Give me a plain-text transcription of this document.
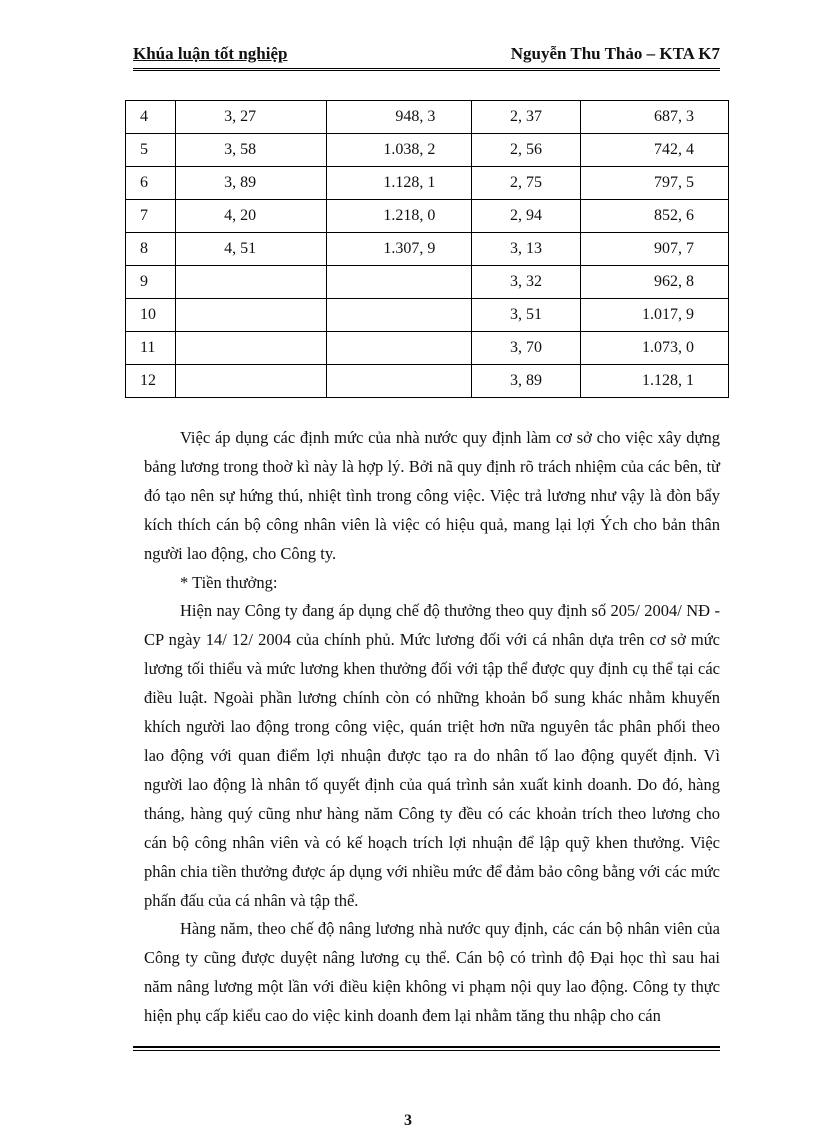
Khúa luận tốt nghiệp	Nguyễn Thu Thảo – KTA K7
4	3, 27	948, 3	2, 37	687, 3
5	3, 58	1.038, 2	2, 56	742, 4
6	3, 89	1.128, 1	2, 75	797, 5
7	4, 20	1.218, 0	2, 94	852, 6
8	4, 51	1.307, 9	3, 13	907, 7
9			3, 32	962, 8
10			3, 51	1.017, 9
11			3, 70	1.073, 0
12			3, 89	1.128, 1

Việc áp dụng các định mức của nhà nước quy định làm cơ sở cho việc xây dựng bảng lương trong thoờ kì này là hợp lý. Bởi nã quy định rõ trách nhiệm của các bên, từ đó tạo nên sự hứng thú, nhiệt tình trong công việc. Việc trả lương như vậy là đòn bẩy kích thích cán bộ công nhân viên là việc có hiệu quả, mang lại lợi Ých cho bản thân người lao động, cho Công ty.

* Tiền thưởng:

Hiện nay Công ty đang áp dụng chế độ thưởng theo quy định số 205/ 2004/ NĐ - CP ngày 14/ 12/ 2004 của chính phủ. Mức lương đối với cá nhân dựa trên cơ sở mức lương tối thiểu và mức lương khen thưởng đối với tập thể được quy định cụ thể tại các điều luật. Ngoài phần lương chính còn có những khoản bổ sung khác nhằm khuyến khích người lao động trong công việc, quán triệt hơn nữa nguyên tắc phân phối theo lao động với quan điểm lợi nhuận được tạo ra do nhân tố lao động quyết định. Vì người lao động là nhân tố quyết định của quá trình sản xuất kinh doanh. Do đó, hàng tháng, hàng quý cũng như hàng năm Công ty đều có các khoản trích theo lương cho cán bộ công nhân viên và có kế hoạch trích lợi nhuận để lập quỹ khen thưởng. Việc phân chia tiền thưởng được áp dụng với nhiều mức để đảm bảo công bằng với các mức phấn đấu của cá nhân và tập thể.

Hàng năm, theo chế độ nâng lương nhà nước quy định, các cán bộ nhân viên của Công ty cũng được duyệt nâng lương cụ thể. Cán bộ có trình độ Đại học thì sau hai năm nâng lương một lần với điều kiện không vi phạm nội quy lao động. Công ty thực hiện phụ cấp kiểu cao do việc kinh doanh đem lại nhằm tăng thu nhập cho cán

3
